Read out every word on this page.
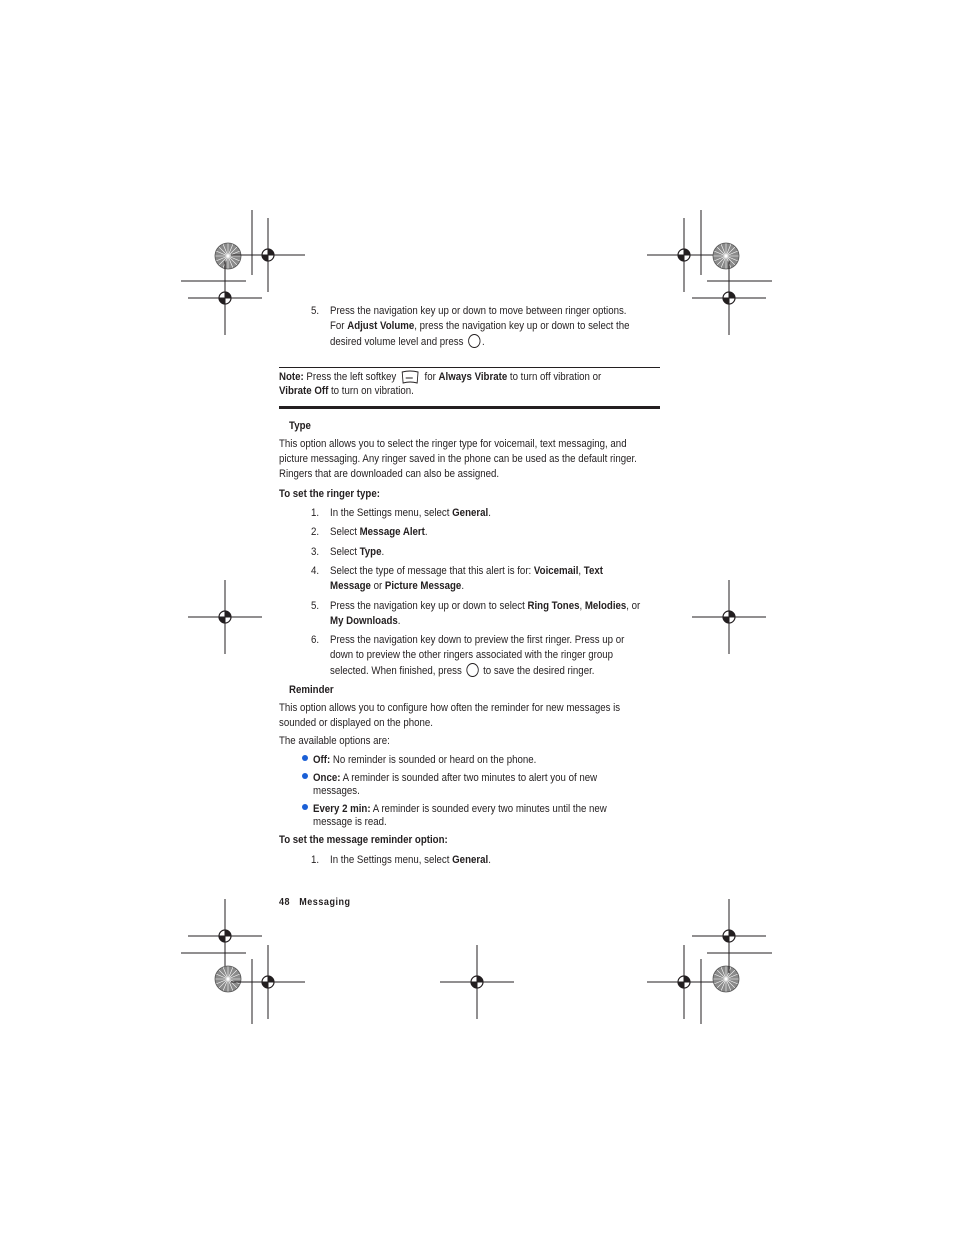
5. Press the navigation key up or down to move between ringer options.
For Adjust Volume, press the navigation key up or down to select the
desired volume level and press .
Note: Press the left softkey  for Always Vibrate to turn off vibration or
Vibrate Off to turn on vibration.
Type
This option allows you to select the ringer type for voicemail, text messaging, and
picture messaging. Any ringer saved in the phone can be used as the default ringer.
Ringers that are downloaded can also be assigned.
To set the ringer type:
1. In the Settings menu, select General.
2. Select Message Alert.
3. Select Type.
4. Select the type of message that this alert is for: Voicemail, Text
Message or Picture Message.
5. Press the navigation key up or down to select Ring Tones, Melodies, or
My Downloads.
6. Press the navigation key down to preview the first ringer. Press up or
down to preview the other ringers associated with the ringer group
selected. When finished, press to save the desired ringer.
Reminder
This option allows you to configure how often the reminder for new messages is
sounded or displayed on the phone.
The available options are:
Off: No reminder is sounded or heard on the phone.
Once: A reminder is sounded after two minutes to alert you of new
messages.
Every 2 min: A reminder is sounded every two minutes until the new
message is read.
To set the message reminder option:
1. In the Settings menu, select General.
48 Messaging
